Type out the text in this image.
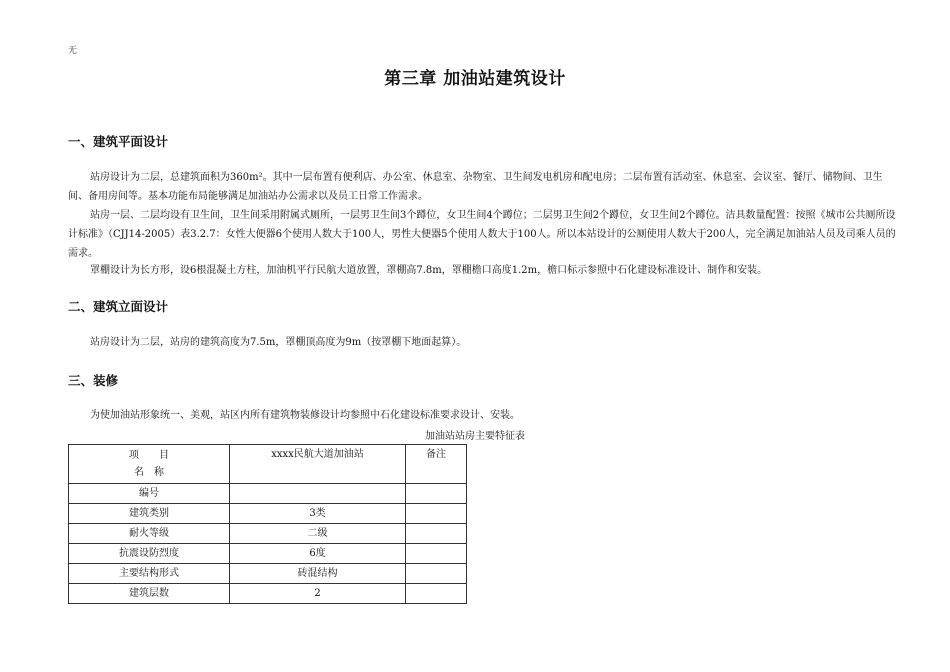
无
第三章 加油站建筑设计
一、建筑平面设计

站房设计为二层，总建筑面积为360m²。其中一层布置有便利店、办公室、休息室、杂物室、卫生间发电机房和配电房；二层布置有活动室、休息室、会议室、餐厅、储物间、卫生间、备用房间等。基本功能布局能够满足加油站办公需求以及员工日常工作需求。

站房一层、二层均设有卫生间，卫生间采用附属式厕所，一层男卫生间3个蹲位，女卫生间4个蹲位；二层男卫生间2个蹲位，女卫生间2个蹲位。洁具数量配置：按照《城市公共厕所设计标准》（CJJ14-2005）表3.2.7：女性大便器6个使用人数大于100人，男性大便器5个使用人数大于100人。所以本站设计的公厕使用人数大于200人，完全满足加油站人员及司乘人员的需求。

罩棚设计为长方形，设6根混凝土方柱，加油机平行民航大道放置，罩棚高7.8m，罩棚檐口高度1.2m，檐口标示参照中石化建设标准设计、制作和安装。

二、建筑立面设计

站房设计为二层，站房的建筑高度为7.5m，罩棚顶高度为9m（按罩棚下地面起算）。

三、装修

为使加油站形象统一、美观，站区内所有建筑物装修设计均参照中石化建设标准要求设计、安装。

加油站站房主要特征表
项　　目
名　称	xxxx民航大道加油站	备注
编号		
建筑类别	3类	
耐火等级	二级	
抗震设防烈度	6度	
主要结构形式	砖混结构	
建筑层数	2	
